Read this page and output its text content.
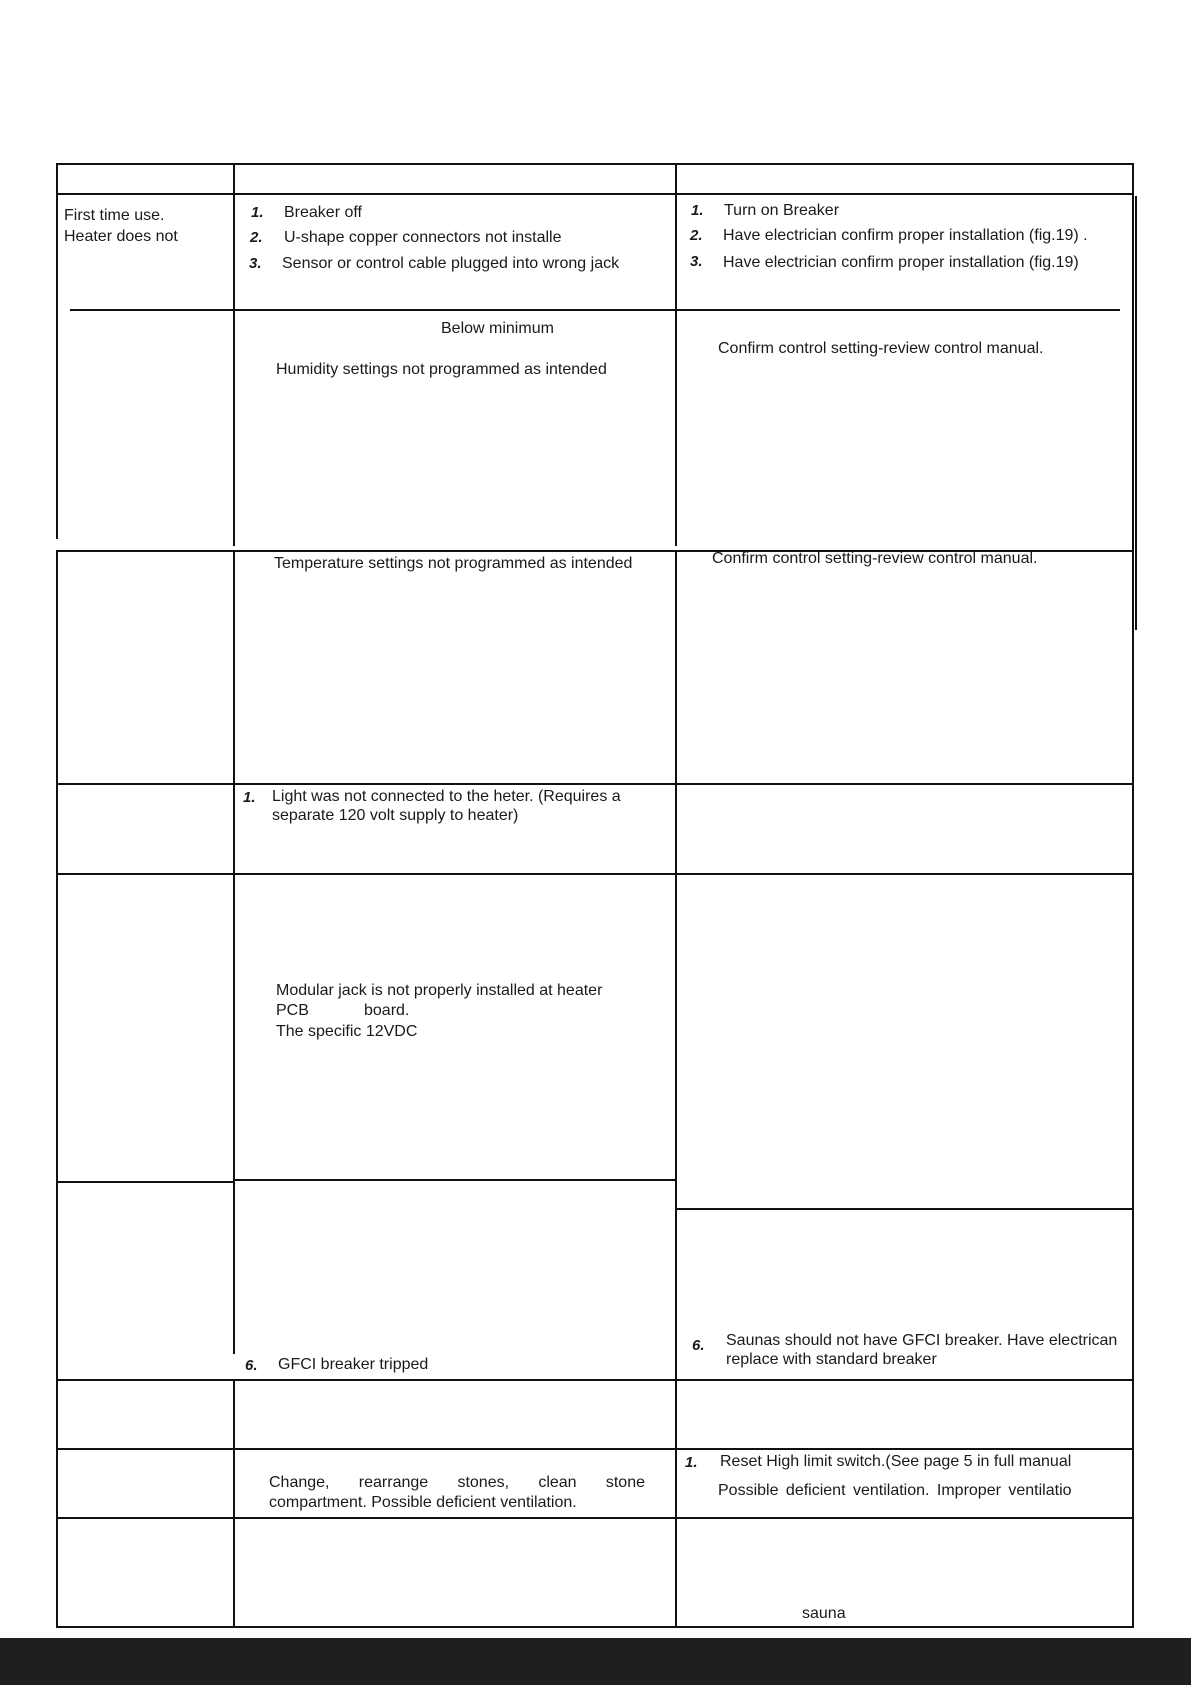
First time use.
Heater does not
1. Breaker off
2. U-shape copper connectors not installe
3. Sensor or control cable plugged into wrong jack
1. Turn on Breaker
2. Have electrician confirm proper installation (fig.19) .
3. Have electrician confirm proper installation (fig.19)
Below minimum
Humidity settings not programmed as intended
Confirm control setting-review control manual.
Temperature settings not programmed as intended	Confirm control setting-review control manual.
1. Light was not connected to the heter. (Requires a
separate 120 volt supply to heater)
Modular jack is not properly installed at heater
PCB	board.
The specific 12VDC
6. GFCI breaker tripped
6. Saunas should not have GFCI breaker. Have electrican
replace with standard breaker
Change, rearrange stones, clean stone
compartment. Possible deficient ventilation.
1. Reset High limit switch.(See page 5 in full manual
Possible deficient ventilation. Improper ventilatio
sauna
